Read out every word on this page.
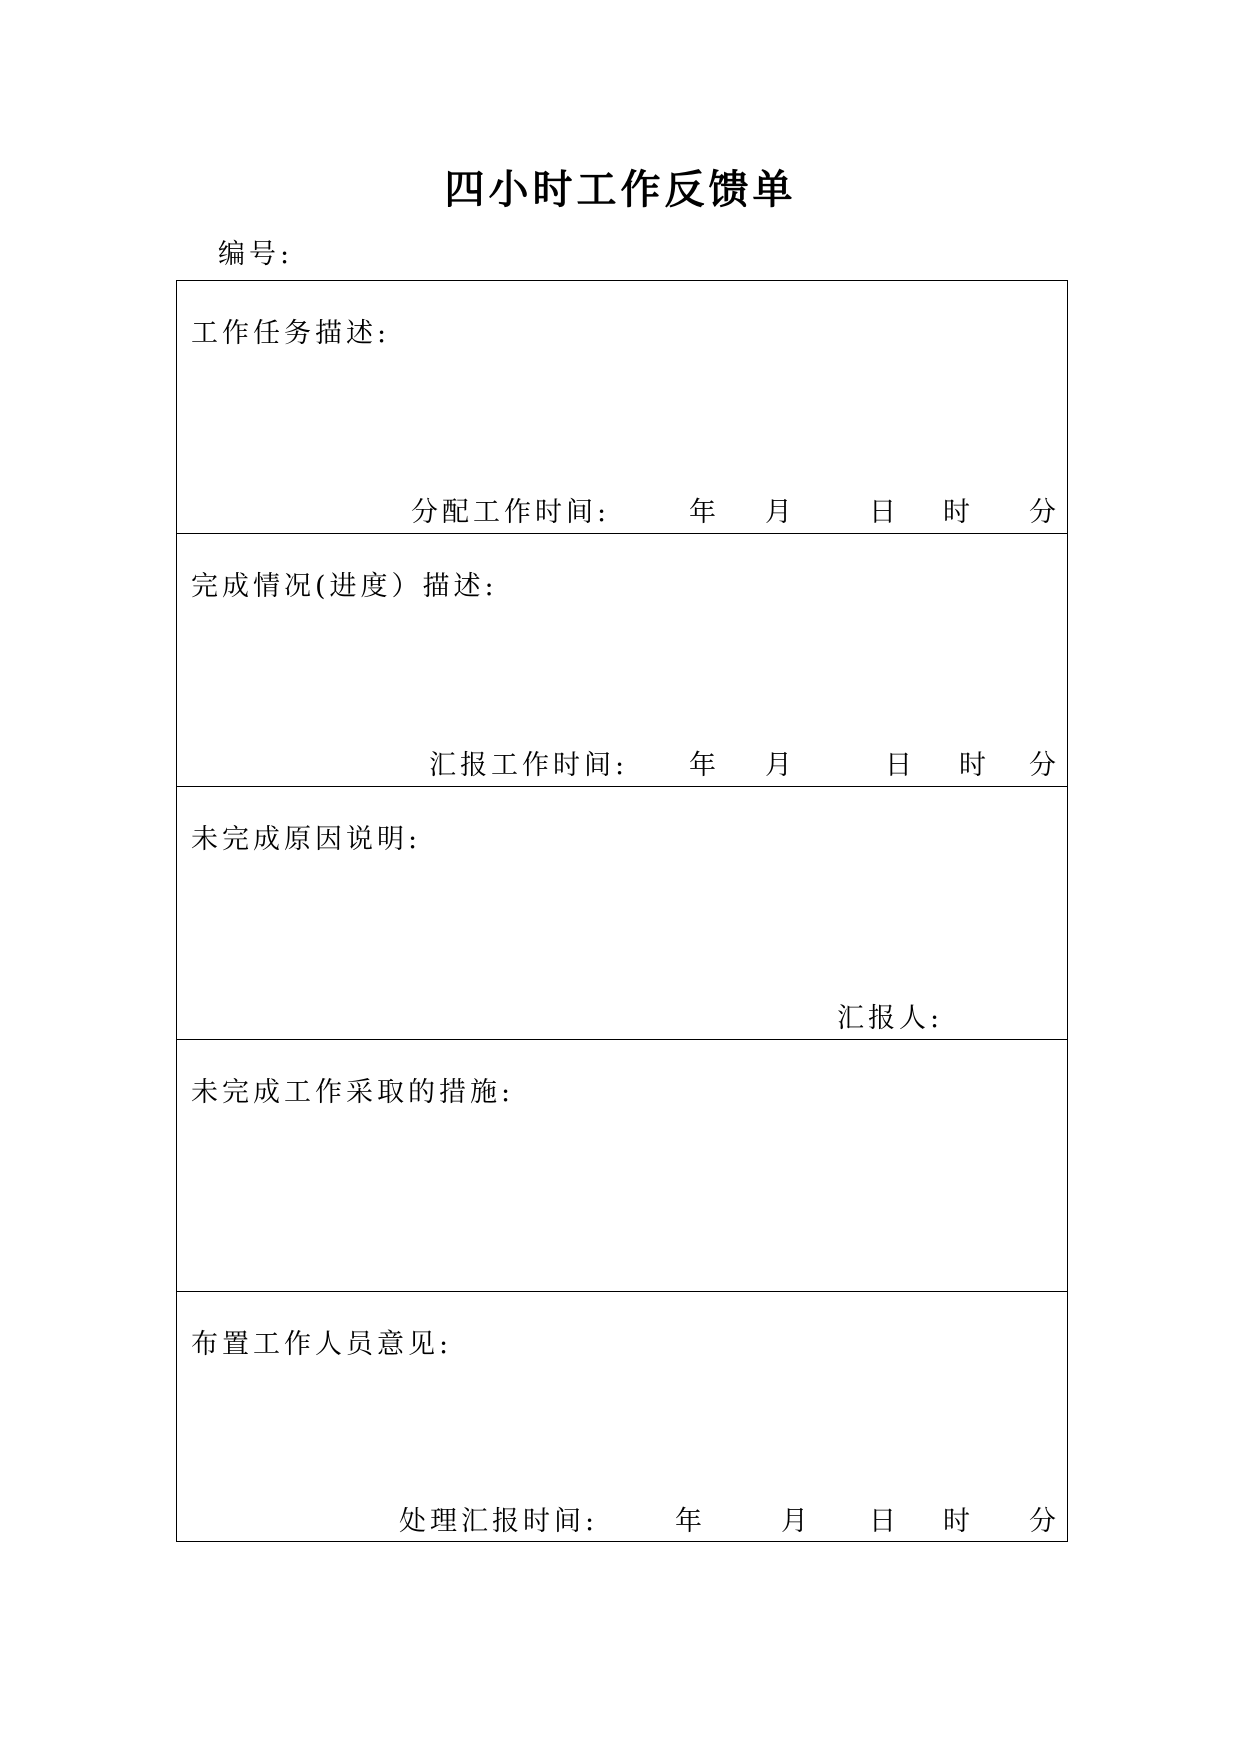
四小时工作反馈单
编号:
工作任务描述:
分配工作时间:	年 月	日 时 分
完成情况(进度）描述:
汇报工作时间: 年 月	日 时 分
未完成原因说明:
汇报人:
未完成工作采取的措施:
布置工作人员意见:
处理汇报时间:	年	月 日 时 分
